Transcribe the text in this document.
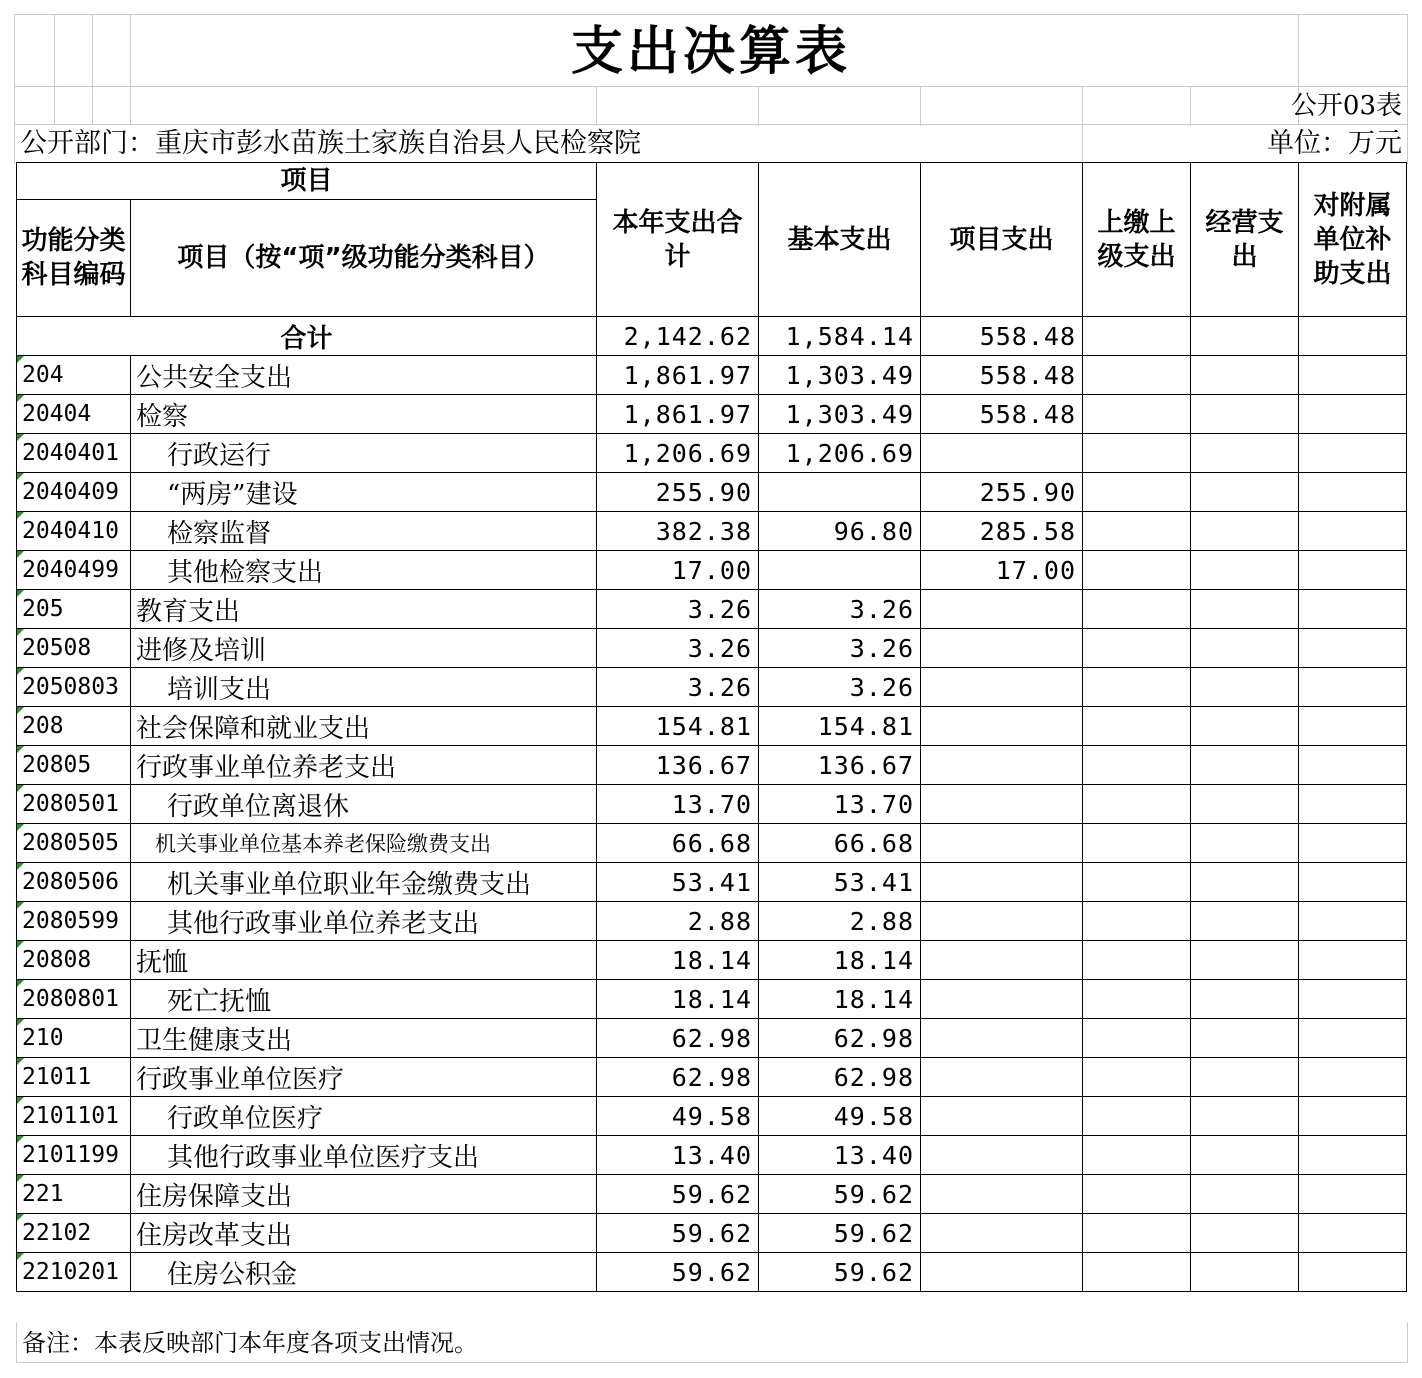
支出决算表
公开03表
公开部门：重庆市彭水苗族土家族自治县人民检察院	单位：万元
项目		本年支出合计	基本支出	项目支出	上缴上级支出	经营支出	对附属单位补助支出
功能分类科目编码	项目（按“项”级功能分类科目）						
合计		2,142.62	1,584.14	558.48			
204	公共安全支出	1,861.97	1,303.49	558.48			
20404	检察	1,861.97	1,303.49	558.48			
2040401	行政运行	1,206.69	1,206.69				
2040409	“两房”建设	255.90		255.90			
2040410	检察监督	382.38	96.80	285.58			
2040499	其他检察支出	17.00		17.00			
205	教育支出	3.26	3.26				
20508	进修及培训	3.26	3.26				
2050803	培训支出	3.26	3.26				
208	社会保障和就业支出	154.81	154.81				
20805	行政事业单位养老支出	136.67	136.67				
2080501	行政单位离退休	13.70	13.70				
2080505	机关事业单位基本养老保险缴费支出	66.68	66.68				
2080506	机关事业单位职业年金缴费支出	53.41	53.41				
2080599	其他行政事业单位养老支出	2.88	2.88				
20808	抚恤	18.14	18.14				
2080801	死亡抚恤	18.14	18.14				
210	卫生健康支出	62.98	62.98				
21011	行政事业单位医疗	62.98	62.98				
2101101	行政单位医疗	49.58	49.58				
2101199	其他行政事业单位医疗支出	13.40	13.40				
221	住房保障支出	59.62	59.62				
22102	住房改革支出	59.62	59.62				
2210201	住房公积金	59.62	59.62				
备注：本表反映部门本年度各项支出情况。
